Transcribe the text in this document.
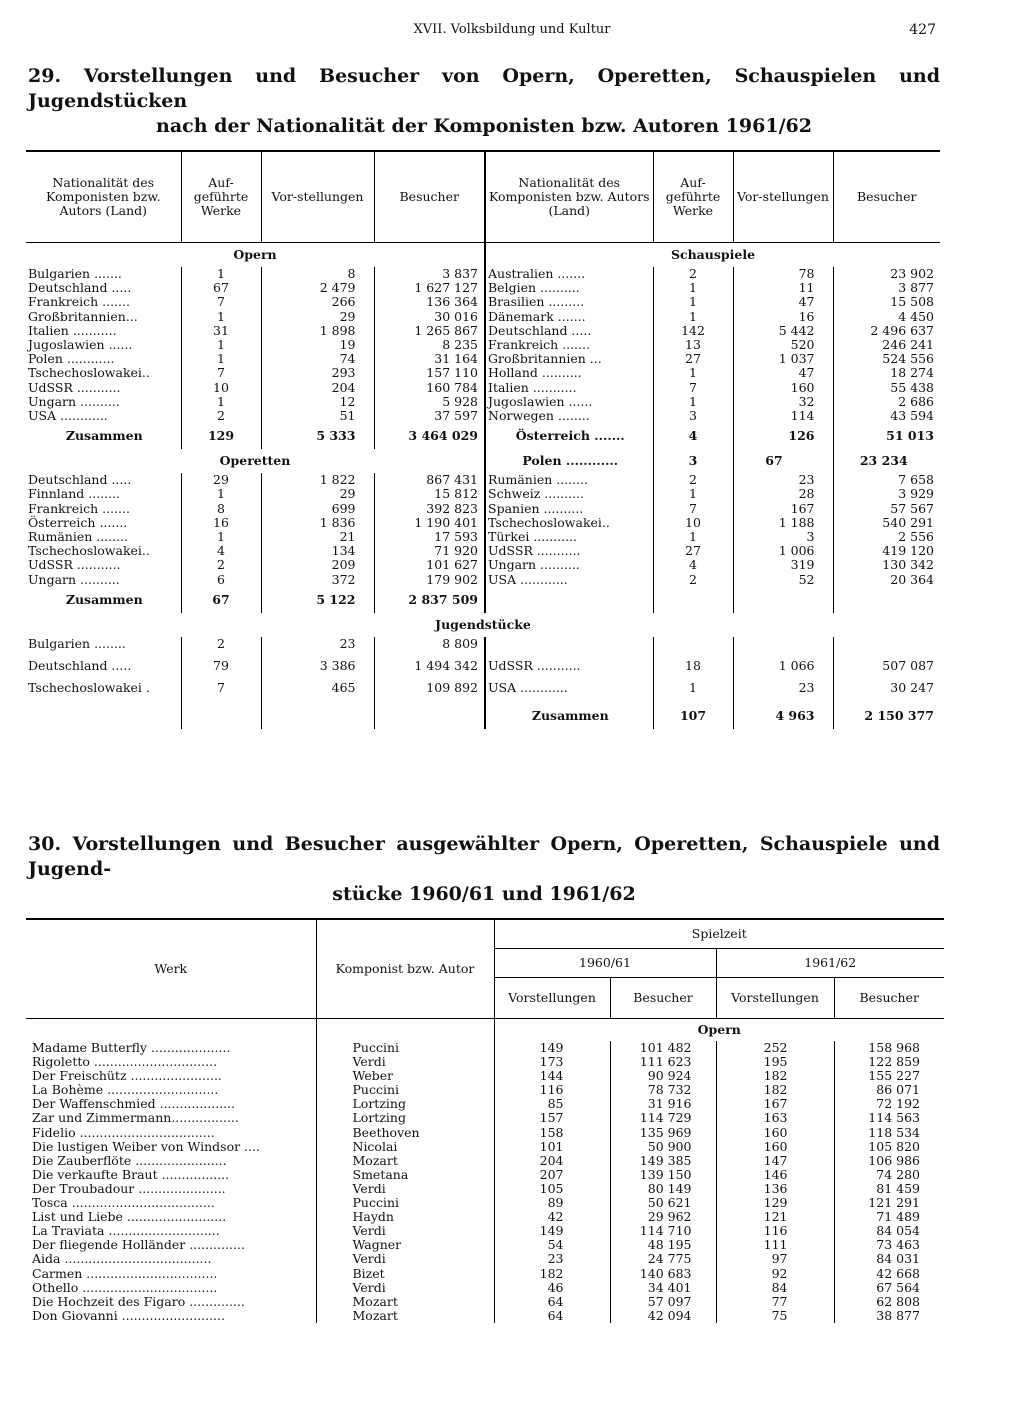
XVII. Volksbildung und Kultur	427
29. Vorstellungen und Besucher von Opern, Operetten, Schauspielen und Jugendstücken
nach der Nationalität der Komponisten bzw. Autoren 1961/62
Nationalität des Komponisten bzw. Autors (Land)	Auf-geführte Werke	Vor-stellungen	Besucher	Nationalität des Komponisten bzw. Autors (Land)	Auf-geführte Werke	Vor-stellungen	Besucher
Opern				Schauspiele			
Bulgarien .......	1	8	3 837	Australien .......	2	78	23 902
Deutschland .....	67	2 479	1 627 127	Belgien ..........	1	11	3 877
Frankreich .......	7	266	136 364	Brasilien .........	1	47	15 508
Großbritannien...	1	29	30 016	Dänemark .......	1	16	4 450
Italien ...........	31	1 898	1 265 867	Deutschland .....	142	5 442	2 496 637
Jugoslawien ......	1	19	8 235	Frankreich .......	13	520	246 241
Polen ............	1	74	31 164	Großbritannien ...	27	1 037	524 556
Tschechoslowakei..	7	293	157 110	Holland ..........	1	47	18 274
UdSSR ...........	10	204	160 784	Italien ...........	7	160	55 438
Ungarn ..........	1	12	5 928	Jugoslawien ......	1	32	2 686
USA ............	2	51	37 597	Norwegen ........	3	114	43 594
Zusammen	129	5 333	3 464 029	Österreich .......	4	126	51 013
Operetten				Polen ............	3	67	23 234
Deutschland .....	29	1 822	867 431	Rumänien ........	2	23	7 658
Finnland ........	1	29	15 812	Schweiz ..........	1	28	3 929
Frankreich .......	8	699	392 823	Spanien ..........	7	167	57 567
Österreich .......	16	1 836	1 190 401	Tschechoslowakei..	10	1 188	540 291
Rumänien ........	1	21	17 593	Türkei ...........	1	3	2 556
Tschechoslowakei..	4	134	71 920	UdSSR ...........	27	1 006	419 120
UdSSR ...........	2	209	101 627	Ungarn ..........	4	319	130 342
Ungarn ..........	6	372	179 902	USA ............	2	52	20 364
Zusammen	67	5 122	2 837 509				
Jugendstücke							
Bulgarien ........	2	23	8 809				
Deutschland .....	79	3 386	1 494 342	UdSSR ...........	18	1 066	507 087
Tschechoslowakei .	7	465	109 892	USA ............	1	23	30 247
				Zusammen	107	4 963	2 150 377
30. Vorstellungen und Besucher ausgewählter Opern, Operetten, Schauspiele und Jugend-
stücke 1960/61 und 1961/62
Werk	Komponist bzw. Autor	Spielzeit			
		1960/61		1961/62	
		Vorstellungen	Besucher	Vorstellungen	Besucher
		Opern			
Madame Butterfly ....................	Puccini	149	101 482	252	158 968
Rigoletto ...............................	Verdi	173	111 623	195	122 859
Der Freischütz .......................	Weber	144	90 924	182	155 227
La Bohème ............................	Puccini	116	78 732	182	86 071
Der Waffenschmied ...................	Lortzing	85	31 916	167	72 192
Zar und Zimmermann.................	Lortzing	157	114 729	163	114 563
Fidelio ..................................	Beethoven	158	135 969	160	118 534
Die lustigen Weiber von Windsor ....	Nicolai	101	50 900	160	105 820
Die Zauberflöte .......................	Mozart	204	149 385	147	106 986
Die verkaufte Braut .................	Smetana	207	139 150	146	74 280
Der Troubadour ......................	Verdi	105	80 149	136	81 459
Tosca ....................................	Puccini	89	50 621	129	121 291
List und Liebe .........................	Haydn	42	29 962	121	71 489
La Traviata ............................	Verdi	149	114 710	116	84 054
Der fliegende Holländer ..............	Wagner	54	48 195	111	73 463
Aida .....................................	Verdi	23	24 775	97	84 031
Carmen .................................	Bizet	182	140 683	92	42 668
Othello ..................................	Verdi	46	34 401	84	67 564
Die Hochzeit des Figaro ..............	Mozart	64	57 097	77	62 808
Don Giovanni ..........................	Mozart	64	42 094	75	38 877
